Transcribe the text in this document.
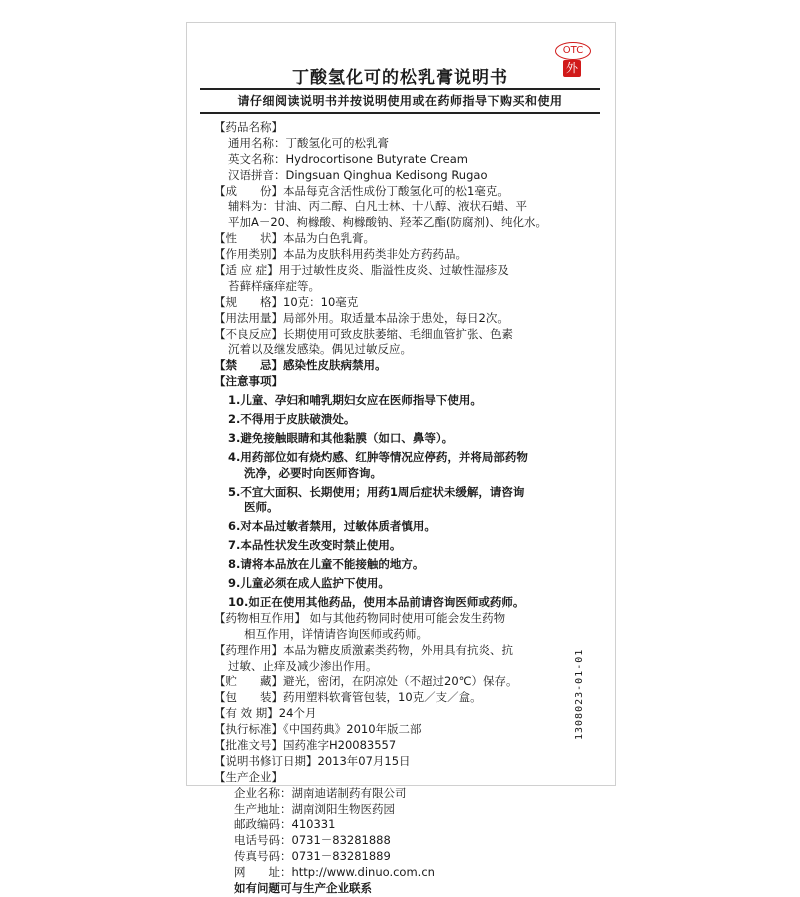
OTC
外
丁酸氢化可的松乳膏说明书
请仔细阅读说明书并按说明使用或在药师指导下购买和使用
【药品名称】
通用名称：丁酸氢化可的松乳膏
英文名称：Hydrocortisone Butyrate Cream
汉语拼音：Dingsuan Qinghua Kedisong Rugao
【成　　份】本品每克含活性成份丁酸氢化可的松1毫克。
辅料为：甘油、丙二醇、白凡士林、十八醇、液状石蜡、平
平加A－20、枸橼酸、枸橼酸钠、羟苯乙酯(防腐剂)、纯化水。
【性　　状】本品为白色乳膏。
【作用类别】本品为皮肤科用药类非处方药药品。
【适 应 症】用于过敏性皮炎、脂溢性皮炎、过敏性湿疹及
苔藓样瘙痒症等。
【规　　格】10克：10毫克
【用法用量】局部外用。取适量本品涂于患处，每日2次。
【不良反应】长期使用可致皮肤萎缩、毛细血管扩张、色素
沉着以及继发感染。偶见过敏反应。
【禁　　忌】感染性皮肤病禁用。
【注意事项】
1.儿童、孕妇和哺乳期妇女应在医师指导下使用。
2.不得用于皮肤破溃处。
3.避免接触眼睛和其他黏膜（如口、鼻等）。
4.用药部位如有烧灼感、红肿等情况应停药，并将局部药物
洗净，必要时向医师咨询。
5.不宜大面积、长期使用；用药1周后症状未缓解，请咨询
医师。
6.对本品过敏者禁用，过敏体质者慎用。
7.本品性状发生改变时禁止使用。
8.请将本品放在儿童不能接触的地方。
9.儿童必须在成人监护下使用。
10.如正在使用其他药品，使用本品前请咨询医师或药师。
【药物相互作用】 如与其他药物同时使用可能会发生药物
相互作用，详情请咨询医师或药师。
【药理作用】本品为糖皮质激素类药物，外用具有抗炎、抗
过敏、止痒及减少渗出作用。
【贮　　藏】避光，密闭，在阴凉处（不超过20℃）保存。
【包　　装】药用塑料软膏管包装，10克／支／盒。
【有 效 期】24个月
【执行标准】《中国药典》2010年版二部
【批准文号】国药准字H20083557
【说明书修订日期】2013年07月15日
【生产企业】
企业名称：湖南迪诺制药有限公司
生产地址：湖南浏阳生物医药园
邮政编码：410331
电话号码：0731－83281888
传真号码：0731－83281889
网　　址：http://www.dinuo.com.cn
如有问题可与生产企业联系
1308023-01-01
